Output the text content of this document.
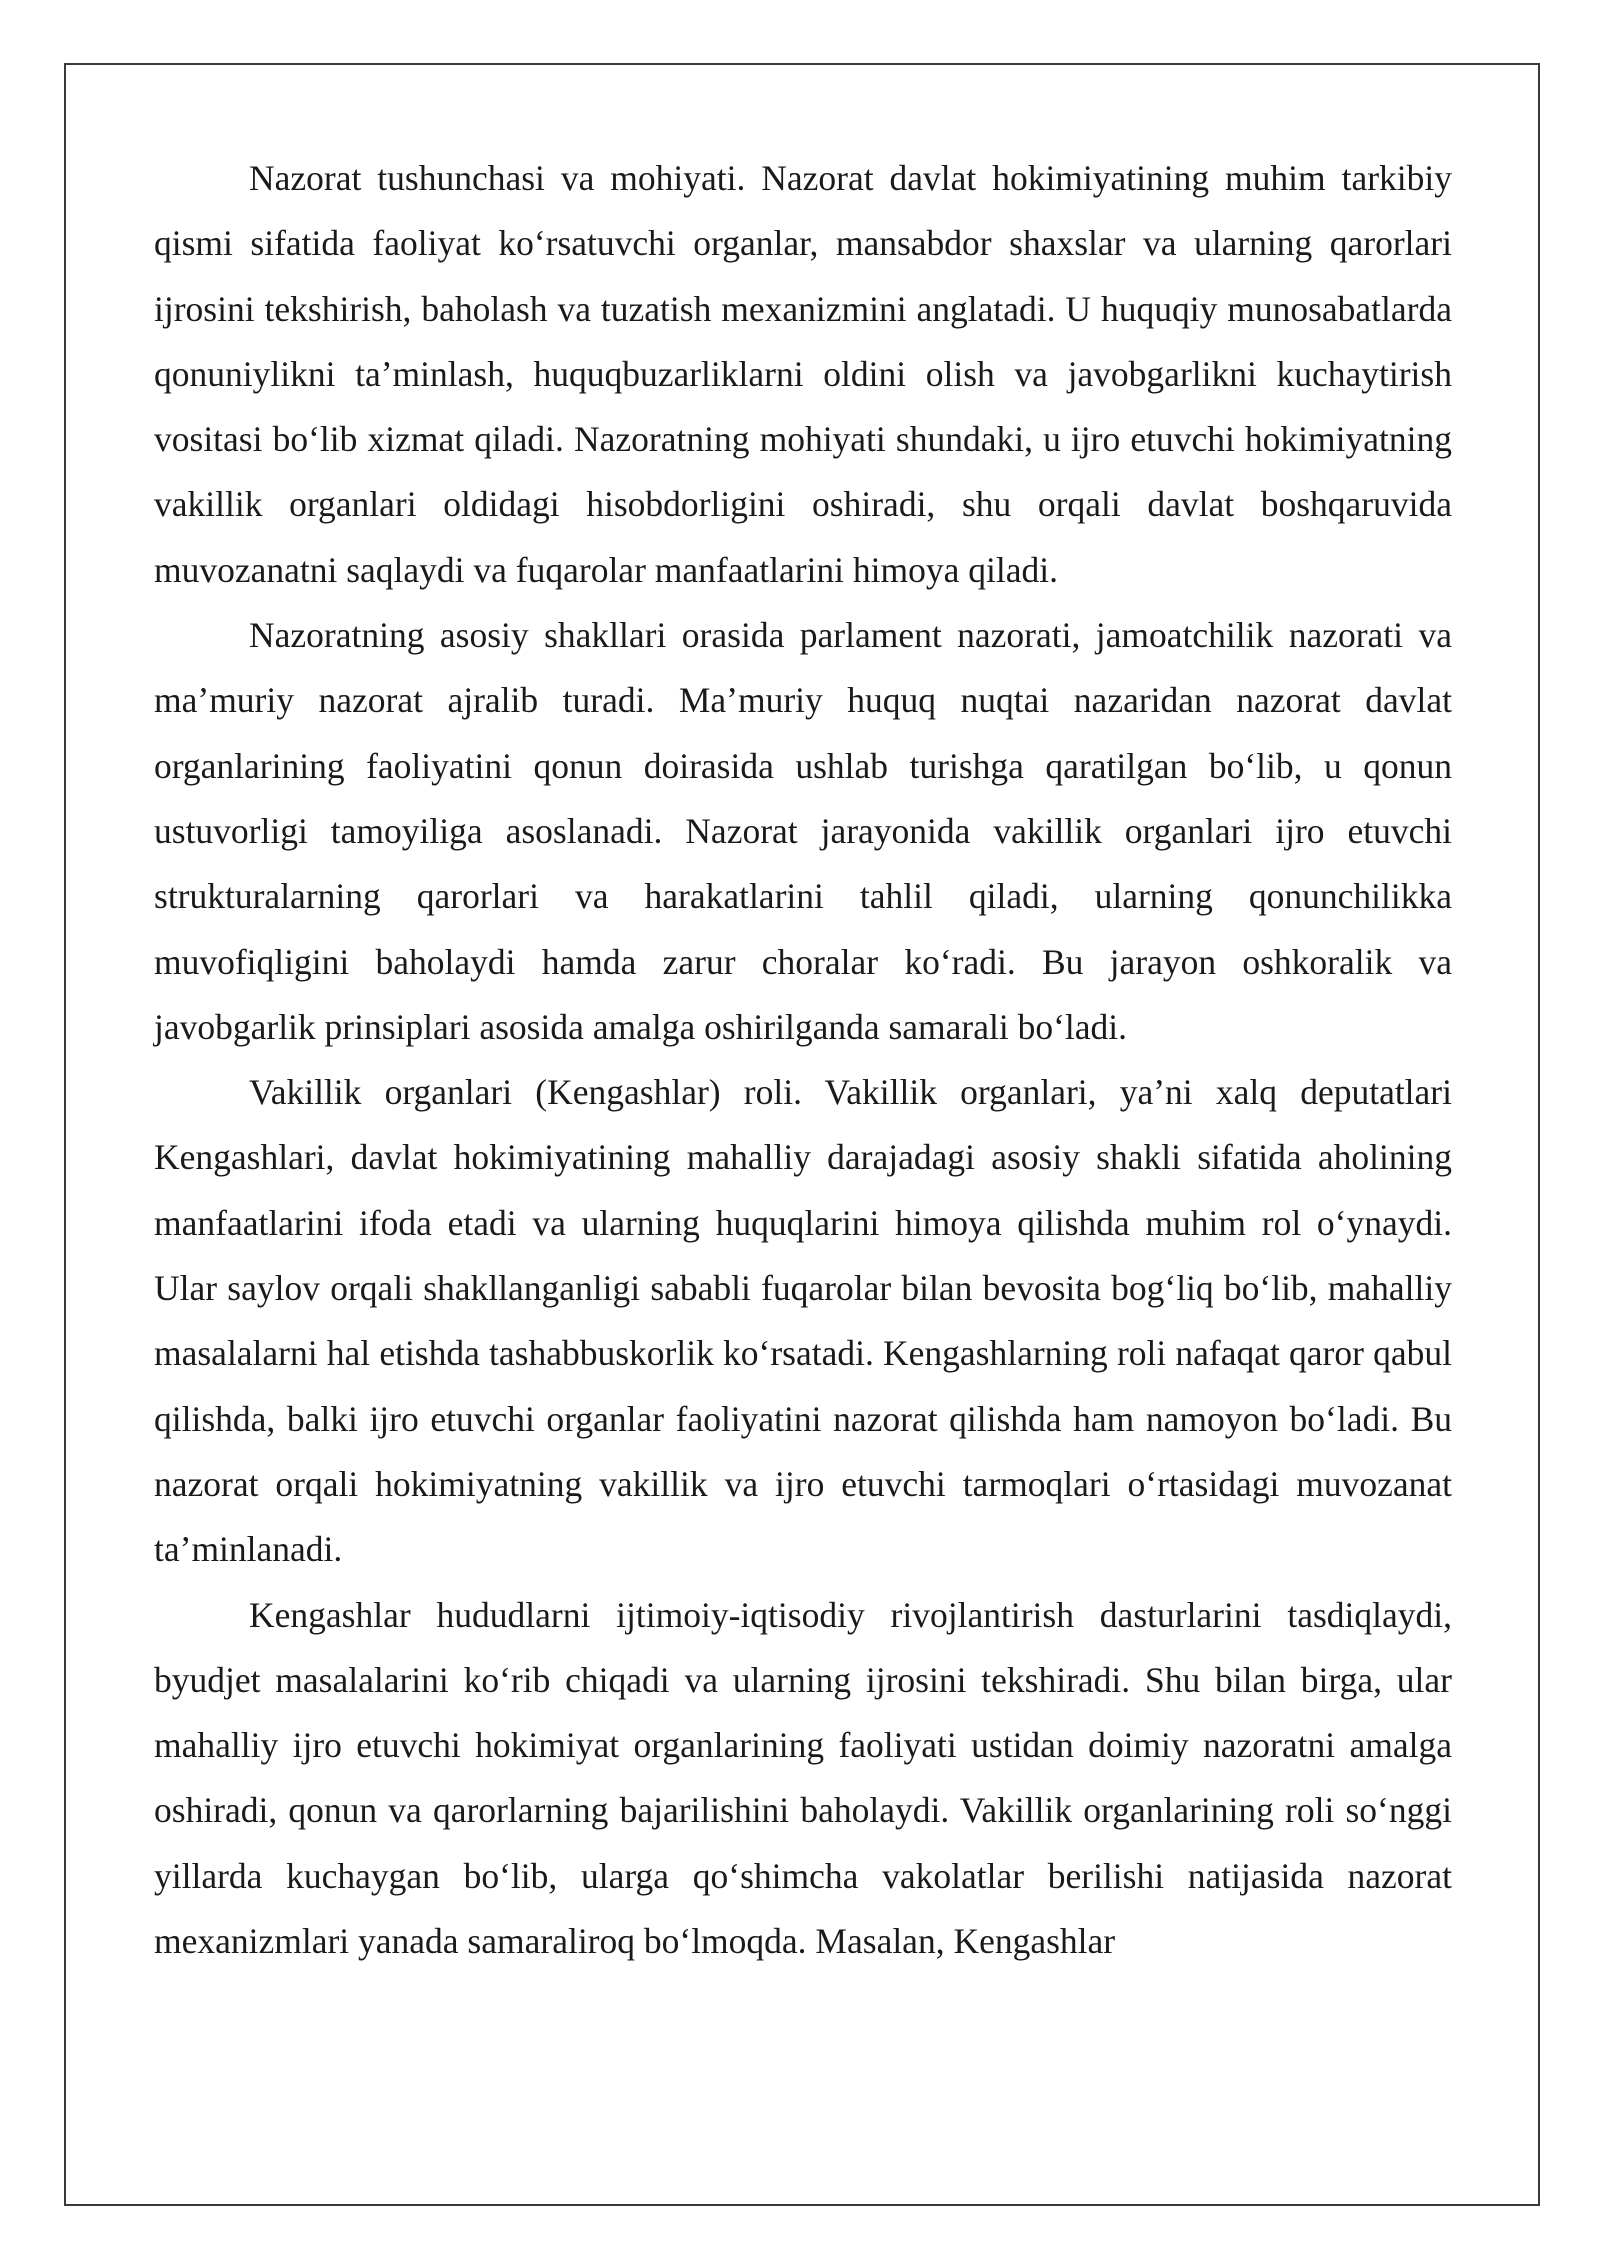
Nazorat tushunchasi va mohiyati. Nazorat davlat hokimiyatining muhim tarkibiy qismi sifatida faoliyat koʻrsatuvchi organlar, mansabdor shaxslar va ularning qarorlari ijrosini tekshirish, baholash va tuzatish mexanizmini anglatadi. U huquqiy munosabatlarda qonuniylikni taʼminlash, huquqbuzarliklarni oldini olish va javobgarlikni kuchaytirish vositasi boʻlib xizmat qiladi. Nazoratning mohiyati shundaki, u ijro etuvchi hokimiyatning vakillik organlari oldidagi hisobdorligini oshiradi, shu orqali davlat boshqaruvida muvozanatni saqlaydi va fuqarolar manfaatlarini himoya qiladi.

Nazoratning asosiy shakllari orasida parlament nazorati, jamoatchilik nazorati va maʼmuriy nazorat ajralib turadi. Maʼmuriy huquq nuqtai nazaridan nazorat davlat organlarining faoliyatini qonun doirasida ushlab turishga qaratilgan boʻlib, u qonun ustuvorligi tamoyiliga asoslanadi. Nazorat jarayonida vakillik organlari ijro etuvchi strukturalarning qarorlari va harakatlarini tahlil qiladi, ularning qonunchilikka muvofiqligini baholaydi hamda zarur choralar koʻradi. Bu jarayon oshkoralik va javobgarlik prinsiplari asosida amalga oshirilganda samarali boʻladi.

Vakillik organlari (Kengashlar) roli. Vakillik organlari, yaʼni xalq deputatlari Kengashlari, davlat hokimiyatining mahalliy darajadagi asosiy shakli sifatida aholining manfaatlarini ifoda etadi va ularning huquqlarini himoya qilishda muhim rol oʻynaydi. Ular saylov orqali shakllanganligi sababli fuqarolar bilan bevosita bogʻliq boʻlib, mahalliy masalalarni hal etishda tashabbuskorlik koʻrsatadi. Kengashlarning roli nafaqat qaror qabul qilishda, balki ijro etuvchi organlar faoliyatini nazorat qilishda ham namoyon boʻladi. Bu nazorat orqali hokimiyatning vakillik va ijro etuvchi tarmoqlari oʻrtasidagi muvozanat taʼminlanadi.

Kengashlar hududlarni ijtimoiy-iqtisodiy rivojlantirish dasturlarini tasdiqlaydi, byudjet masalalarini koʻrib chiqadi va ularning ijrosini tekshiradi. Shu bilan birga, ular mahalliy ijro etuvchi hokimiyat organlarining faoliyati ustidan doimiy nazoratni amalga oshiradi, qonun va qarorlarning bajarilishini baholaydi. Vakillik organlarining roli soʻnggi yillarda kuchaygan boʻlib, ularga qoʻshimcha vakolatlar berilishi natijasida nazorat mexanizmlari yanada samaraliroq boʻlmoqda. Masalan, Kengashlar
